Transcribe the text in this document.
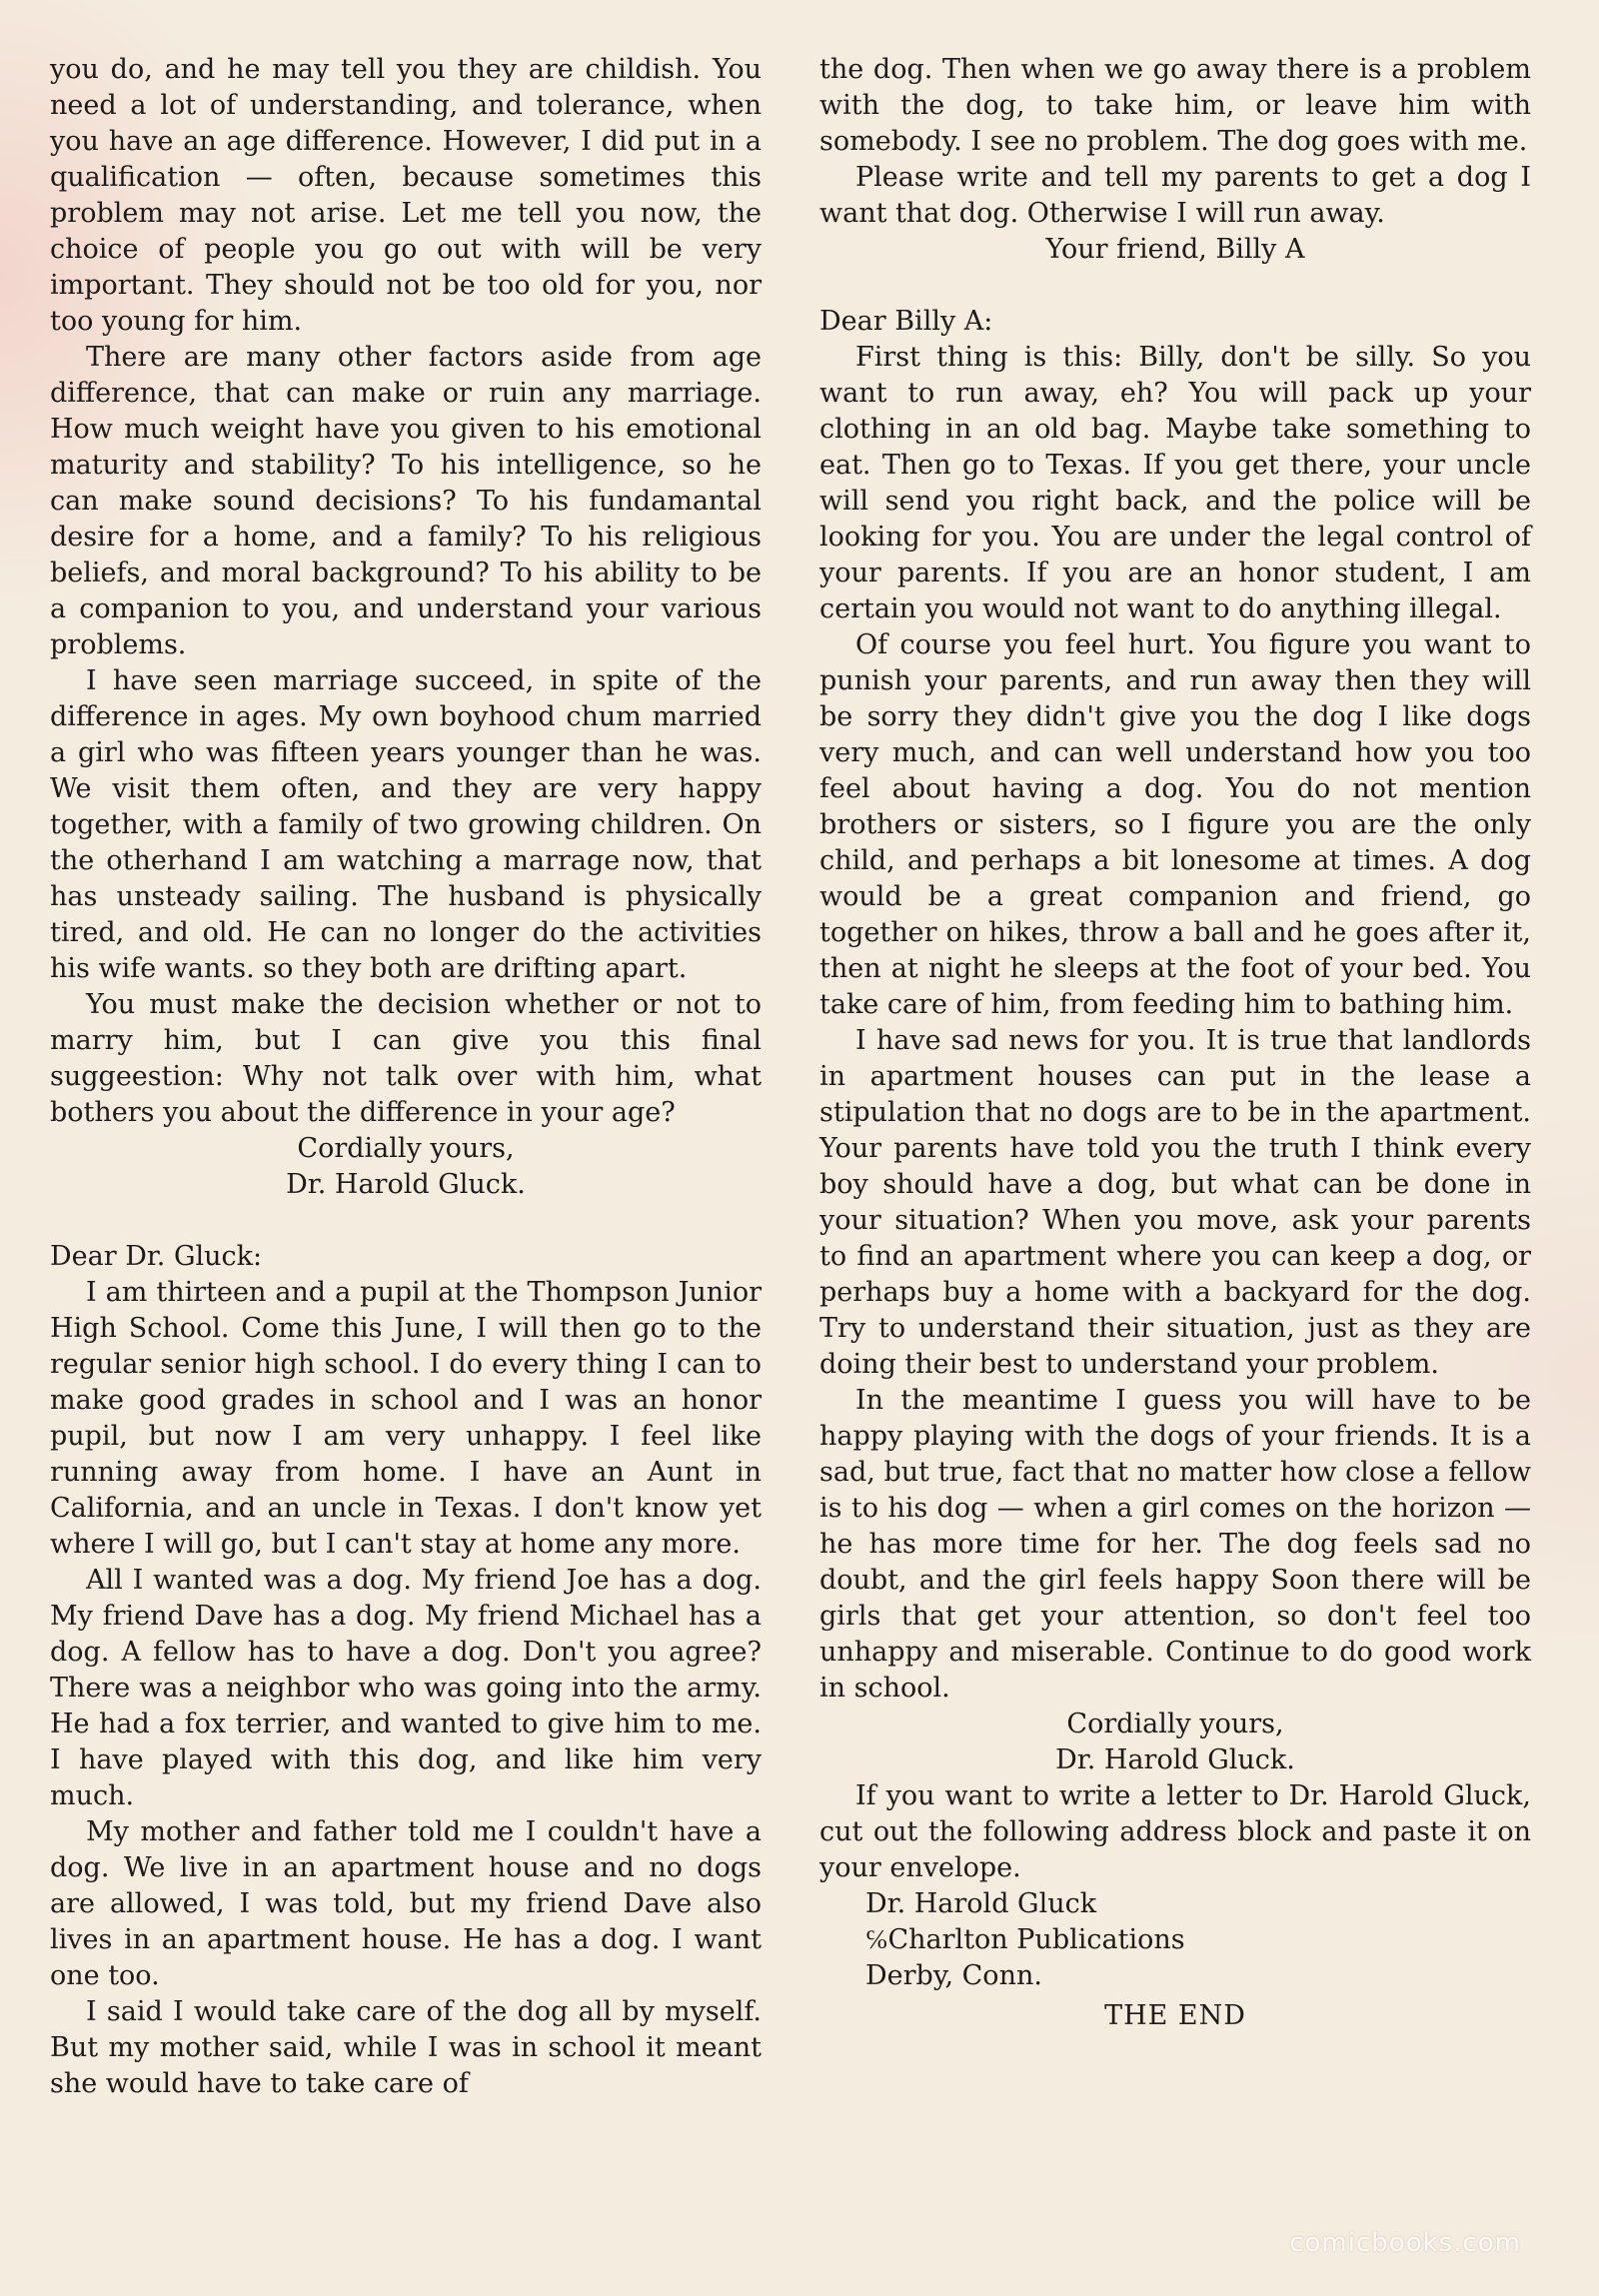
you do, and he may tell you they are childish. You need a lot of understanding, and tolerance, when you have an age difference. However, I did put in a qualification — often, because sometimes this problem may not arise. Let me tell you now, the choice of people you go out with will be very important. They should not be too old for you, nor too young for him.

There are many other factors aside from age difference, that can make or ruin any marriage. How much weight have you given to his emotional maturity and stability? To his intelligence, so he can make sound decisions? To his fundamantal desire for a home, and a family? To his religious beliefs, and moral background? To his ability to be a companion to you, and understand your various problems.

I have seen marriage succeed, in spite of the difference in ages. My own boyhood chum married a girl who was fifteen years younger than he was. We visit them often, and they are very happy together, with a family of two growing children. On the otherhand I am watching a marrage now, that has unsteady sailing. The husband is physically tired, and old. He can no longer do the activities his wife wants. so they both are drifting apart.

You must make the decision whether or not to marry him, but I can give you this final suggeestion: Why not talk over with him, what bothers you about the difference in your age?

Cordially yours,

Dr. Harold Gluck.

Dear Dr. Gluck:

I am thirteen and a pupil at the Thompson Junior High School. Come this June, I will then go to the regular senior high school. I do every thing I can to make good grades in school and I was an honor pupil, but now I am very unhappy. I feel like running away from home. I have an Aunt in California, and an uncle in Texas. I don't know yet where I will go, but I can't stay at home any more.

All I wanted was a dog. My friend Joe has a dog. My friend Dave has a dog. My friend Michael has a dog. A fellow has to have a dog. Don't you agree? There was a neighbor who was going into the army. He had a fox terrier, and wanted to give him to me. I have played with this dog, and like him very much.

My mother and father told me I couldn't have a dog. We live in an apartment house and no dogs are allowed, I was told, but my friend Dave also lives in an apartment house. He has a dog. I want one too.

I said I would take care of the dog all by myself. But my mother said, while I was in school it meant she would have to take care of

the dog. Then when we go away there is a problem with the dog, to take him, or leave him with somebody. I see no problem. The dog goes with me.

Please write and tell my parents to get a dog I want that dog. Otherwise I will run away.

Your friend, Billy A

Dear Billy A:

First thing is this: Billy, don't be silly. So you want to run away, eh? You will pack up your clothing in an old bag. Maybe take something to eat. Then go to Texas. If you get there, your uncle will send you right back, and the police will be looking for you. You are under the legal control of your parents. If you are an honor student, I am certain you would not want to do anything illegal.

Of course you feel hurt. You figure you want to punish your parents, and run away then they will be sorry they didn't give you the dog I like dogs very much, and can well understand how you too feel about having a dog. You do not mention brothers or sisters, so I figure you are the only child, and perhaps a bit lonesome at times. A dog would be a great companion and friend, go together on hikes, throw a ball and he goes after it, then at night he sleeps at the foot of your bed. You take care of him, from feeding him to bathing him.

I have sad news for you. It is true that landlords in apartment houses can put in the lease a stipulation that no dogs are to be in the apartment. Your parents have told you the truth I think every boy should have a dog, but what can be done in your situation? When you move, ask your parents to find an apartment where you can keep a dog, or perhaps buy a home with a backyard for the dog. Try to understand their situation, just as they are doing their best to understand your problem.

In the meantime I guess you will have to be happy playing with the dogs of your friends. It is a sad, but true, fact that no matter how close a fellow is to his dog — when a girl comes on the horizon — he has more time for her. The dog feels sad no doubt, and the girl feels happy Soon there will be girls that get your attention, so don't feel too unhappy and miserable. Continue to do good work in school.

Cordially yours,

Dr. Harold Gluck.

If you want to write a letter to Dr. Harold Gluck, cut out the following address block and paste it on your envelope.

Dr. Harold Gluck

℅Charlton Publications

Derby, Conn.

THE END

comicbooks.com
